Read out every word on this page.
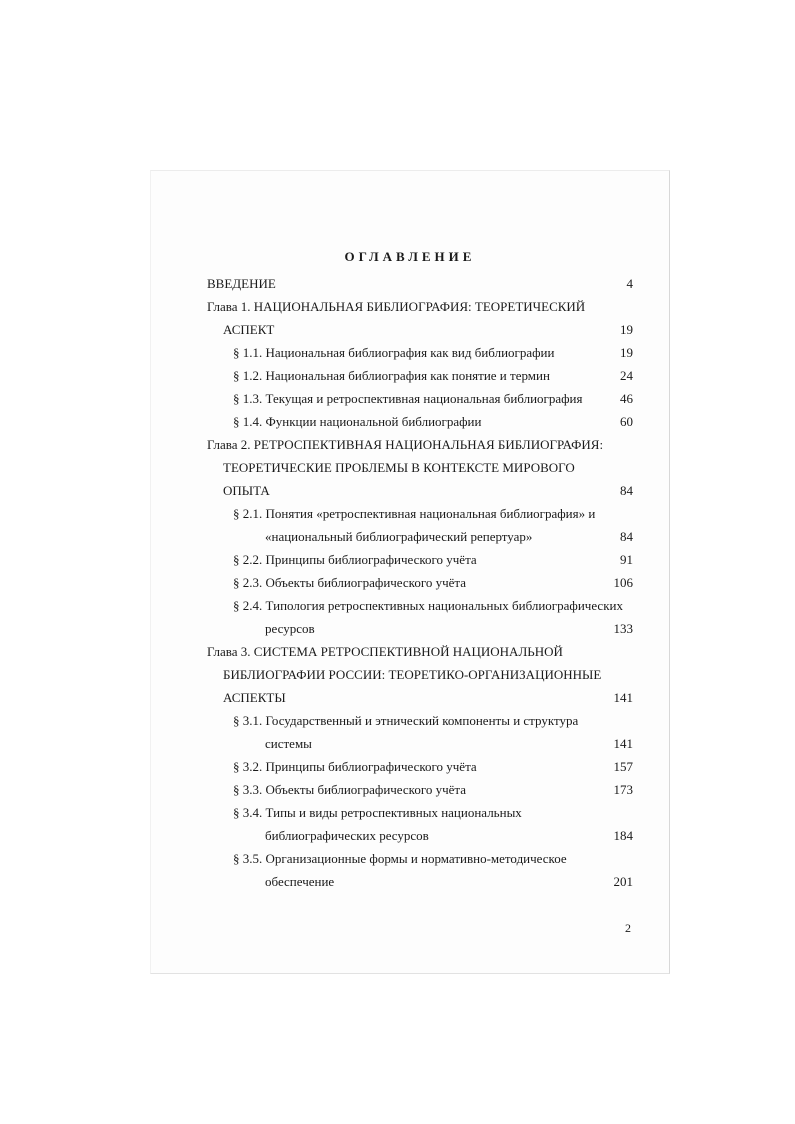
ОГЛАВЛЕНИЕ
ВВЕДЕНИЕ	4
Глава 1. НАЦИОНАЛЬНАЯ БИБЛИОГРАФИЯ: ТЕОРЕТИЧЕСКИЙ
АСПЕКТ	19
§ 1.1. Национальная библиография как вид библиографии	19
§ 1.2. Национальная библиография как понятие и термин	24
§ 1.3. Текущая и ретроспективная национальная библиография	46
§ 1.4. Функции национальной библиографии	60
Глава 2. РЕТРОСПЕКТИВНАЯ НАЦИОНАЛЬНАЯ БИБЛИОГРАФИЯ:
ТЕОРЕТИЧЕСКИЕ ПРОБЛЕМЫ В КОНТЕКСТЕ МИРОВОГО
ОПЫТА	84
§ 2.1. Понятия «ретроспективная национальная библиография» и
«национальный библиографический репертуар»	84
§ 2.2. Принципы библиографического учёта	91
§ 2.3. Объекты библиографического учёта	106
§ 2.4. Типология ретроспективных национальных библиографических
ресурсов	133
Глава 3. СИСТЕМА РЕТРОСПЕКТИВНОЙ НАЦИОНАЛЬНОЙ
БИБЛИОГРАФИИ РОССИИ: ТЕОРЕТИКО-ОРГАНИЗАЦИОННЫЕ
АСПЕКТЫ	141
§ 3.1. Государственный и этнический компоненты и структура
системы	141
§ 3.2. Принципы библиографического учёта	157
§ 3.3. Объекты библиографического учёта	173
§ 3.4. Типы и виды ретроспективных национальных
библиографических ресурсов	184
§ 3.5. Организационные формы и нормативно-методическое
обеспечение	201
2
